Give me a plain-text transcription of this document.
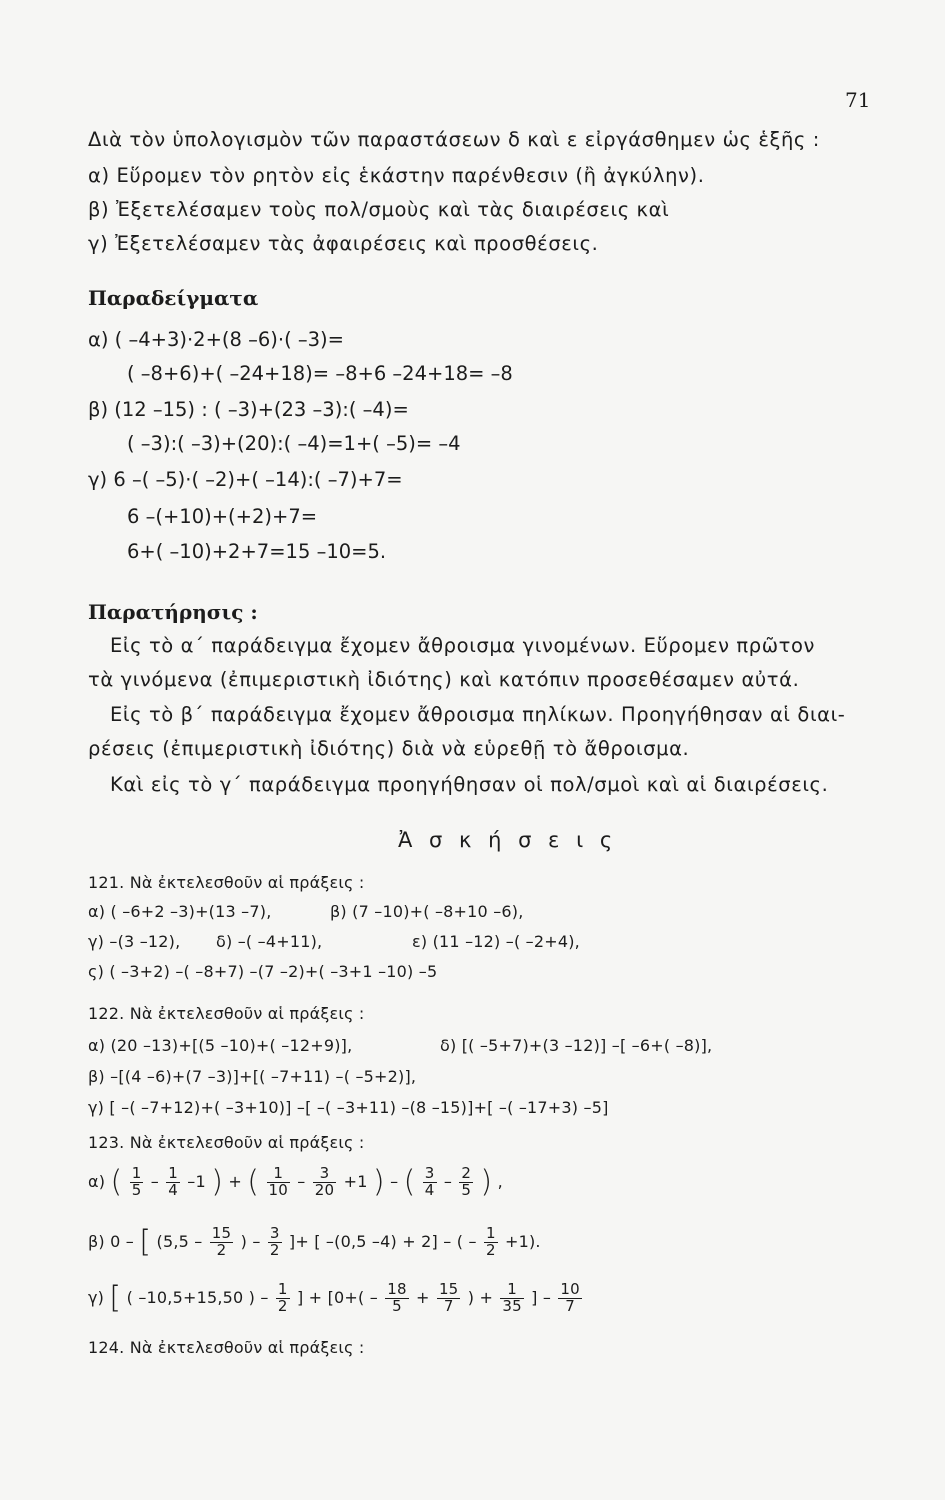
71
Διὰ τὸν ὑπολογισμὸν τῶν παραστάσεων δ καὶ ε εἰργάσθημεν ὡς ἑξῆς :
α) Εὕρομεν τὸν ρητὸν εἰς ἑκάστην παρένθεσιν (ἢ ἀγκύλην).
β) Ἐξετελέσαμεν τοὺς πολ/σμοὺς καὶ τὰς διαιρέσεις καὶ
γ) Ἐξετελέσαμεν τὰς ἀφαιρέσεις καὶ προσθέσεις.
Παραδείγματα
α) ( –4+3)·2+(8 –6)·( –3)=
( –8+6)+( –24+18)= –8+6 –24+18= –8
β) (12 –15) : ( –3)+(23 –3):( –4)=
( –3):( –3)+(20):( –4)=1+( –5)= –4
γ) 6 –( –5)·( –2)+( –14):( –7)+7=
6 –(+10)+(+2)+7=
6+( –10)+2+7=15 –10=5.
Παρατήρησις :
Εἰς τὸ α΄ παράδειγμα ἔχομεν ἄθροισμα γινομένων. Εὕρομεν πρῶτον
τὰ γινόμενα (ἐπιμεριστικὴ ἰδιότης) καὶ κατόπιν προσεθέσαμεν αὐτά.
Εἰς τὸ β΄ παράδειγμα ἔχομεν ἄθροισμα πηλίκων. Προηγήθησαν αἱ διαι-
ρέσεις (ἐπιμεριστικὴ ἰδιότης) διὰ νὰ εὑρεθῇ τὸ ἄθροισμα.
Καὶ εἰς τὸ γ΄ παράδειγμα προηγήθησαν οἱ πολ/σμοὶ καὶ αἱ διαιρέσεις.
Ἀ σ κ ή σ ε ι ς
121. Νὰ ἐκτελεσθοῦν αἱ πράξεις :
α) ( –6+2 –3)+(13 –7),	β) (7 –10)+( –8+10 –6),
γ) –(3 –12), δ) –( –4+11),	ε) (11 –12) –( –2+4),
ς) ( –3+2) –( –8+7) –(7 –2)+( –3+1 –10) –5
122. Νὰ ἐκτελεσθοῦν αἱ πράξεις :
α) (20 –13)+[(5 –10)+( –12+9)],	δ) [( –5+7)+(3 –12)] –[ –6+( –8)],
β) –[(4 –6)+(7 –3)]+[( –7+11) –( –5+2)],
γ) [ –( –7+12)+( –3+10)] –[ –( –3+11) –(8 –15)]+[ –( –17+3) –5]
123. Νὰ ἐκτελεσθοῦν αἱ πράξεις :
α) ( $\frac{1}{5} - \frac{1}{4} -1$ ) + ( $\frac{1}{10} - \frac{3}{20} +1$ ) – ( $\frac{3}{4} - \frac{2}{5}$ ) ,
β) 0 – [ ($5,5 - \frac{15}{2}$ ) – $\frac{3}{2}$ ]+ [ –(0,5 –4) + 2] – ( – $\frac{1}{2} +1$).
γ) [ ( –10,5+15,50 ) – $\frac{1}{2}$ ] + [$0+( - \frac{18}{5} + \frac{15}{7}$ ) + $\frac{1}{35}$ ] – $\frac{10}{7}$
124. Νὰ ἐκτελεσθοῦν αἱ πράξεις :
